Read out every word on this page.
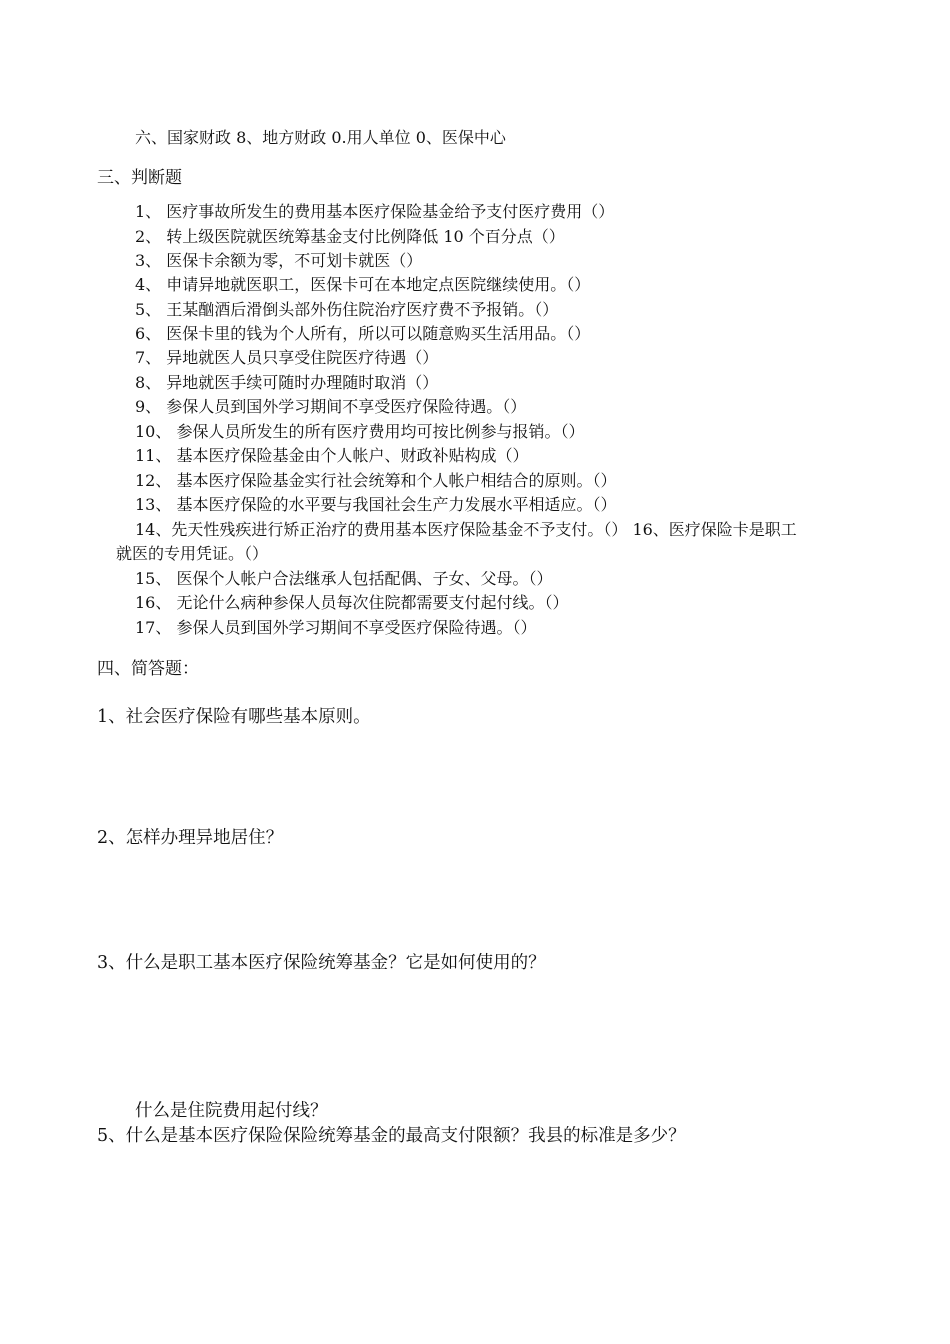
六、国家财政 8、地方财政 0.用人单位 0、医保中心
三、判断题
1、 医疗事故所发生的费用基本医疗保险基金给予支付医疗费用（）
2、 转上级医院就医统筹基金支付比例降低 10 个百分点（）
3、 医保卡余额为零，不可划卡就医（）
4、 申请异地就医职工，医保卡可在本地定点医院继续使用。（）
5、 王某酗酒后滑倒头部外伤住院治疗医疗费不予报销。（）
6、 医保卡里的钱为个人所有，所以可以随意购买生活用品。（）
7、 异地就医人员只享受住院医疗待遇（）
8、 异地就医手续可随时办理随时取消（）
9、 参保人员到国外学习期间不享受医疗保险待遇。（）
10、 参保人员所发生的所有医疗费用均可按比例参与报销。（）
11、 基本医疗保险基金由个人帐户、财政补贴构成（）
12、 基本医疗保险基金实行社会统筹和个人帐户相结合的原则。（）
13、 基本医疗保险的水平要与我国社会生产力发展水平相适应。（）
14、先天性残疾进行矫正治疗的费用基本医疗保险基金不予支付。（） 16、医疗保险卡是职工
就医的专用凭证。（）
15、 医保个人帐户合法继承人包括配偶、子女、父母。（）
16、 无论什么病种参保人员每次住院都需要支付起付线。（）
17、 参保人员到国外学习期间不享受医疗保险待遇。（）
四、简答题：
1、社会医疗保险有哪些基本原则。
2、怎样办理异地居住？
3、什么是职工基本医疗保险统筹基金？它是如何使用的？
什么是住院费用起付线？
5、什么是基本医疗保险保险统筹基金的最高支付限额？我县的标准是多少？
